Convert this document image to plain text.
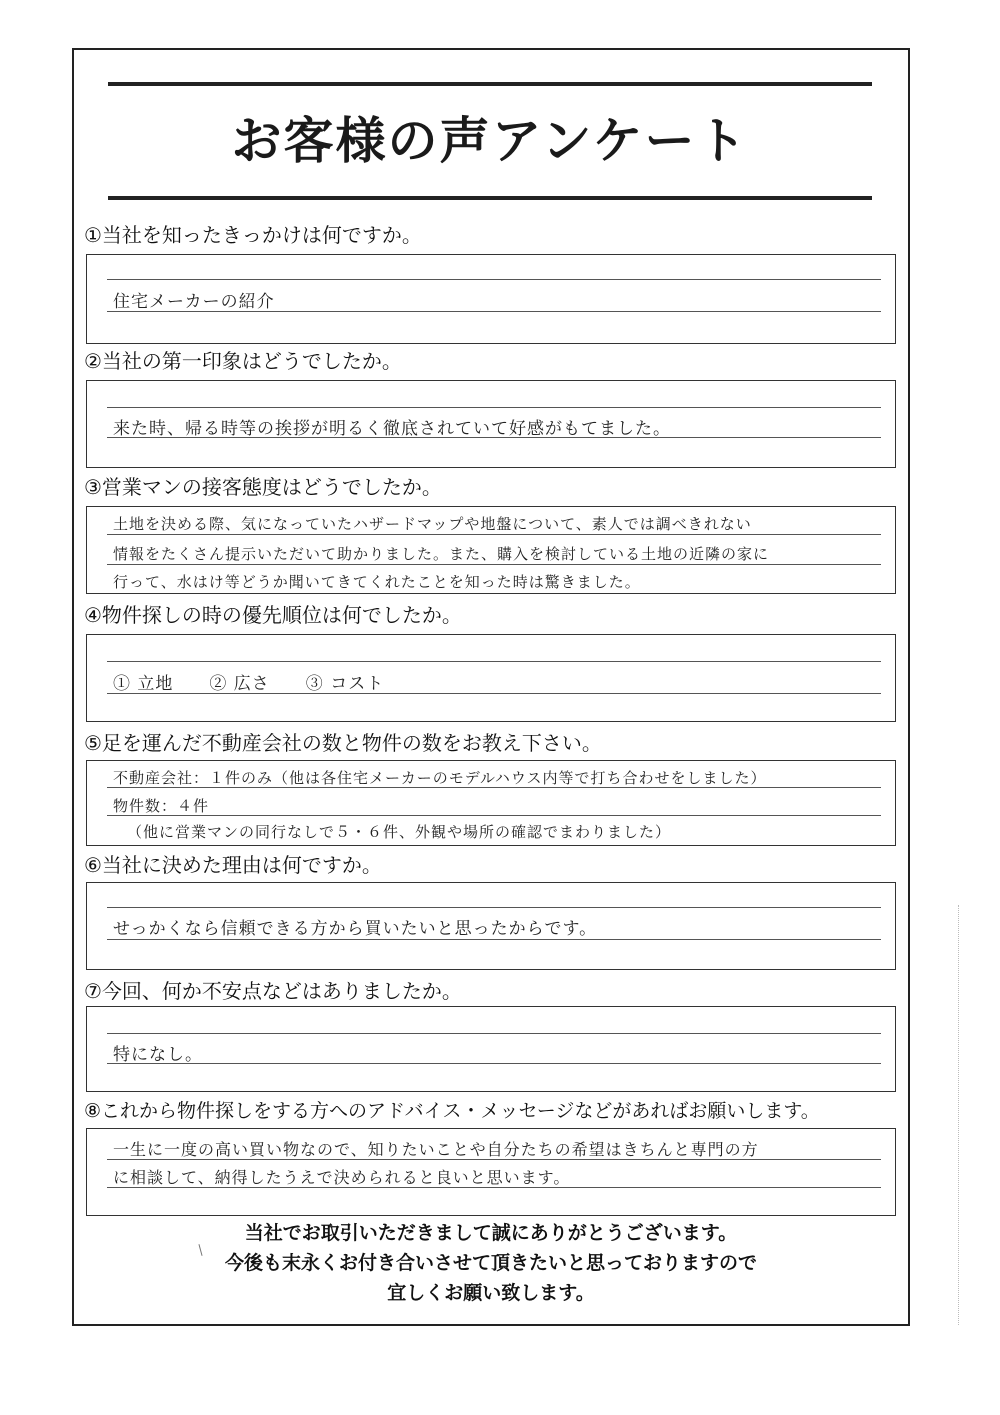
お客様の声アンケート
①当社を知ったきっかけは何ですか。
住宅メーカーの紹介
②当社の第一印象はどうでしたか。
来た時、帰る時等の挨拶が明るく徹底されていて好感がもてました。
③営業マンの接客態度はどうでしたか。
土地を決める際、気になっていたハザードマップや地盤について、素人では調べきれない
情報をたくさん提示いただいて助かりました。また、購入を検討している土地の近隣の家に
行って、水はけ等どうか聞いてきてくれたことを知った時は驚きました。
④物件探しの時の優先順位は何でしたか。
① 立地　　② 広さ　　③ コスト
⑤足を運んだ不動産会社の数と物件の数をお教え下さい。
不動産会社：１件のみ（他は各住宅メーカーのモデルハウス内等で打ち合わせをしました）
物件数：４件
（他に営業マンの同行なしで５・６件、外観や場所の確認でまわりました）
⑥当社に決めた理由は何ですか。
せっかくなら信頼できる方から買いたいと思ったからです。
⑦今回、何か不安点などはありましたか。
特になし。
⑧これから物件探しをする方へのアドバイス・メッセージなどがあればお願いします。
一生に一度の高い買い物なので、知りたいことや自分たちの希望はきちんと専門の方
に相談して、納得したうえで決められると良いと思います。
当社でお取引いただきまして誠にありがとうございます。
今後も末永くお付き合いさせて頂きたいと思っておりますので
宜しくお願い致します。
